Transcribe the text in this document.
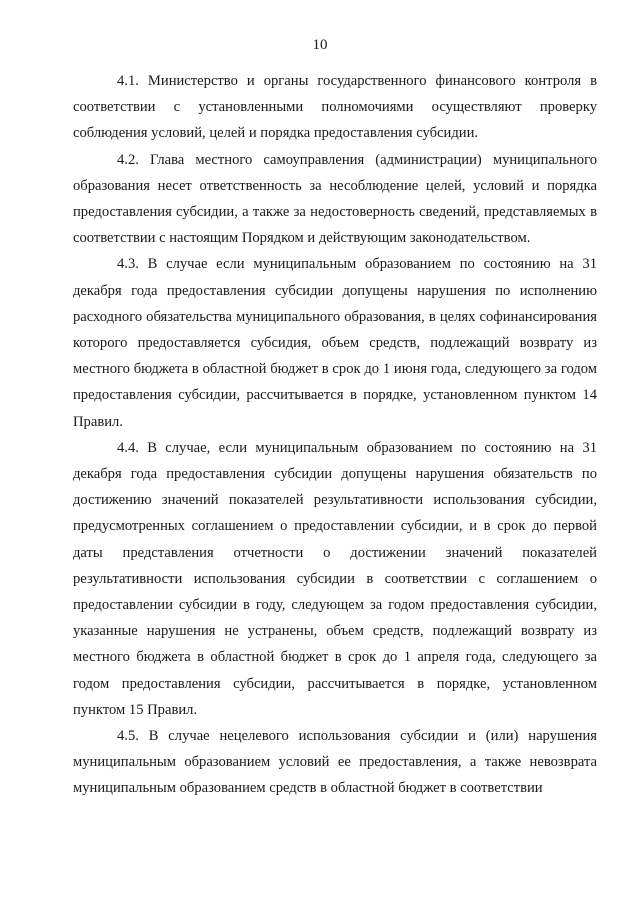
10

4.1. Министерство и органы государственного финансового контроля в соответствии с установленными полномочиями осуществляют проверку соблюдения условий, целей и порядка предоставления субсидии.

4.2. Глава местного самоуправления (администрации) муниципального образования несет ответственность за несоблюдение целей, условий и порядка предоставления субсидии, а также за недостоверность сведений, представляемых в соответствии с настоящим Порядком и действующим законодательством.

4.3. В случае если муниципальным образованием по состоянию на 31 декабря года предоставления субсидии допущены нарушения по исполнению расходного обязательства муниципального образования, в целях софинансирования которого предоставляется субсидия, объем средств, подлежащий возврату из местного бюджета в областной бюджет в срок до 1 июня года, следующего за годом предоставления субсидии, рассчитывается в порядке, установленном пунктом 14 Правил.

4.4. В случае, если муниципальным образованием по состоянию на 31 декабря года предоставления субсидии допущены нарушения обязательств по достижению значений показателей результативности использования субсидии, предусмотренных соглашением о предоставлении субсидии, и в срок до первой даты представления отчетности о достижении значений показателей результативности использования субсидии в соответствии с соглашением о предоставлении субсидии в году, следующем за годом предоставления субсидии, указанные нарушения не устранены, объем средств, подлежащий возврату из местного бюджета в областной бюджет в срок до 1 апреля года, следующего за годом предоставления субсидии, рассчитывается в порядке, установленном пунктом 15 Правил.

4.5. В случае нецелевого использования субсидии и (или) нарушения муниципальным образованием условий ее предоставления, а также невозврата муниципальным образованием средств в областной бюджет в соответствии
